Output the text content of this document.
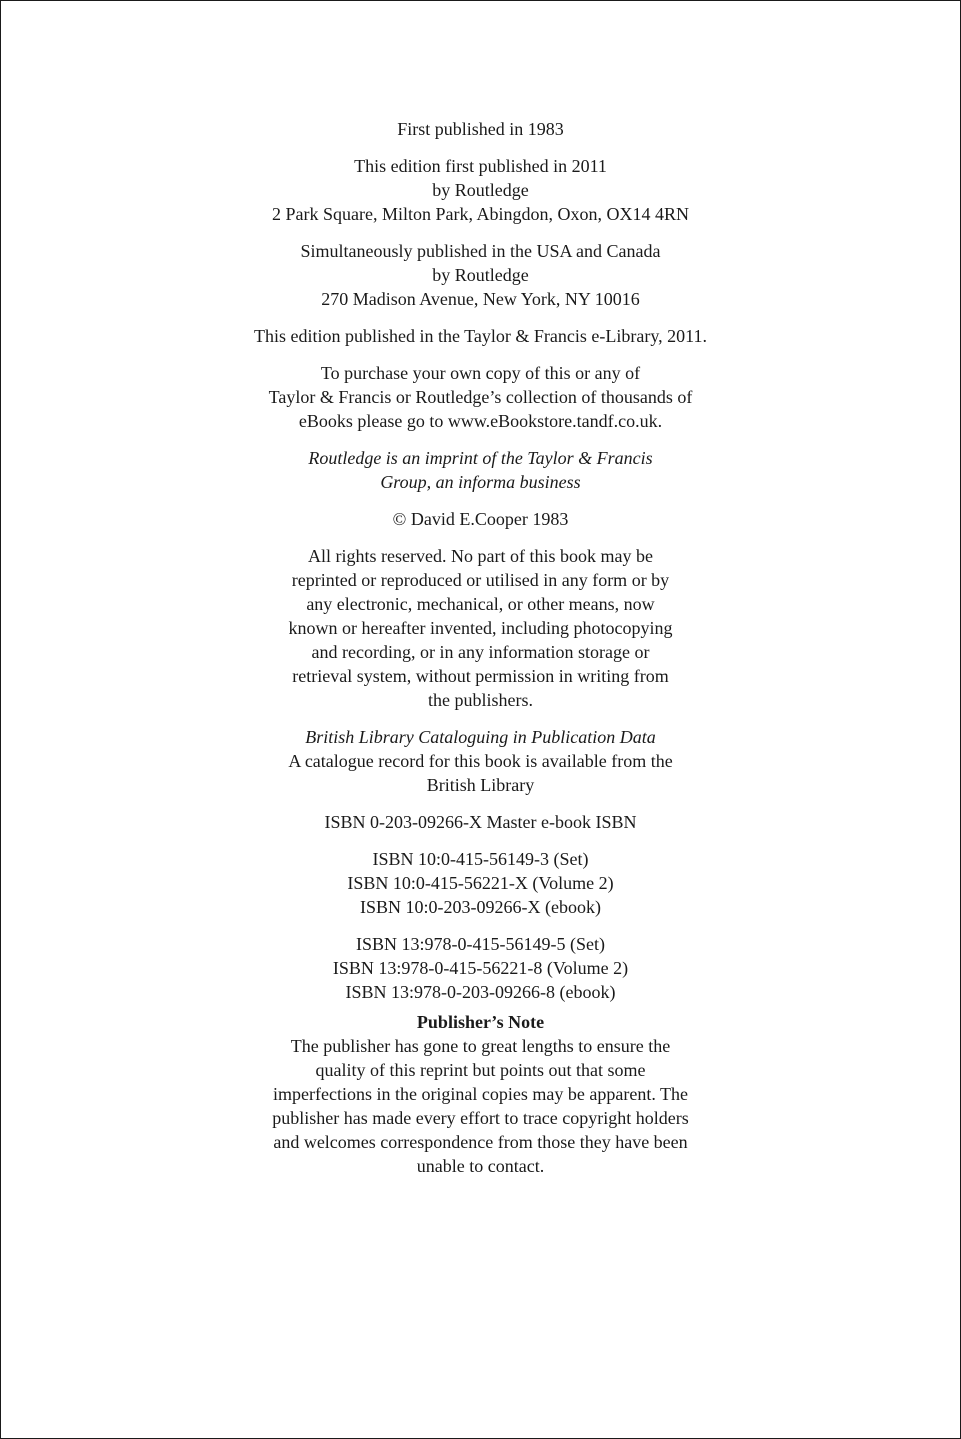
First published in 1983
This edition first published in 2011
by Routledge
2 Park Square, Milton Park, Abingdon, Oxon, OX14 4RN
Simultaneously published in the USA and Canada
by Routledge
270 Madison Avenue, New York, NY 10016
This edition published in the Taylor & Francis e-Library, 2011.
To purchase your own copy of this or any of
Taylor & Francis or Routledge’s collection of thousands of
eBooks please go to www.eBookstore.tandf.co.uk.
Routledge is an imprint of the Taylor & Francis
Group, an informa business
© David E.Cooper 1983
All rights reserved. No part of this book may be
reprinted or reproduced or utilised in any form or by
any electronic, mechanical, or other means, now
known or hereafter invented, including photocopying
and recording, or in any information storage or
retrieval system, without permission in writing from
the publishers.
British Library Cataloguing in Publication Data
A catalogue record for this book is available from the
British Library
ISBN 0-203-09266-X Master e-book ISBN
ISBN 10:0-415-56149-3 (Set)
ISBN 10:0-415-56221-X (Volume 2)
ISBN 10:0-203-09266-X (ebook)
ISBN 13:978-0-415-56149-5 (Set)
ISBN 13:978-0-415-56221-8 (Volume 2)
ISBN 13:978-0-203-09266-8 (ebook)
Publisher’s Note
The publisher has gone to great lengths to ensure the
quality of this reprint but points out that some
imperfections in the original copies may be apparent. The
publisher has made every effort to trace copyright holders
and welcomes correspondence from those they have been
unable to contact.
